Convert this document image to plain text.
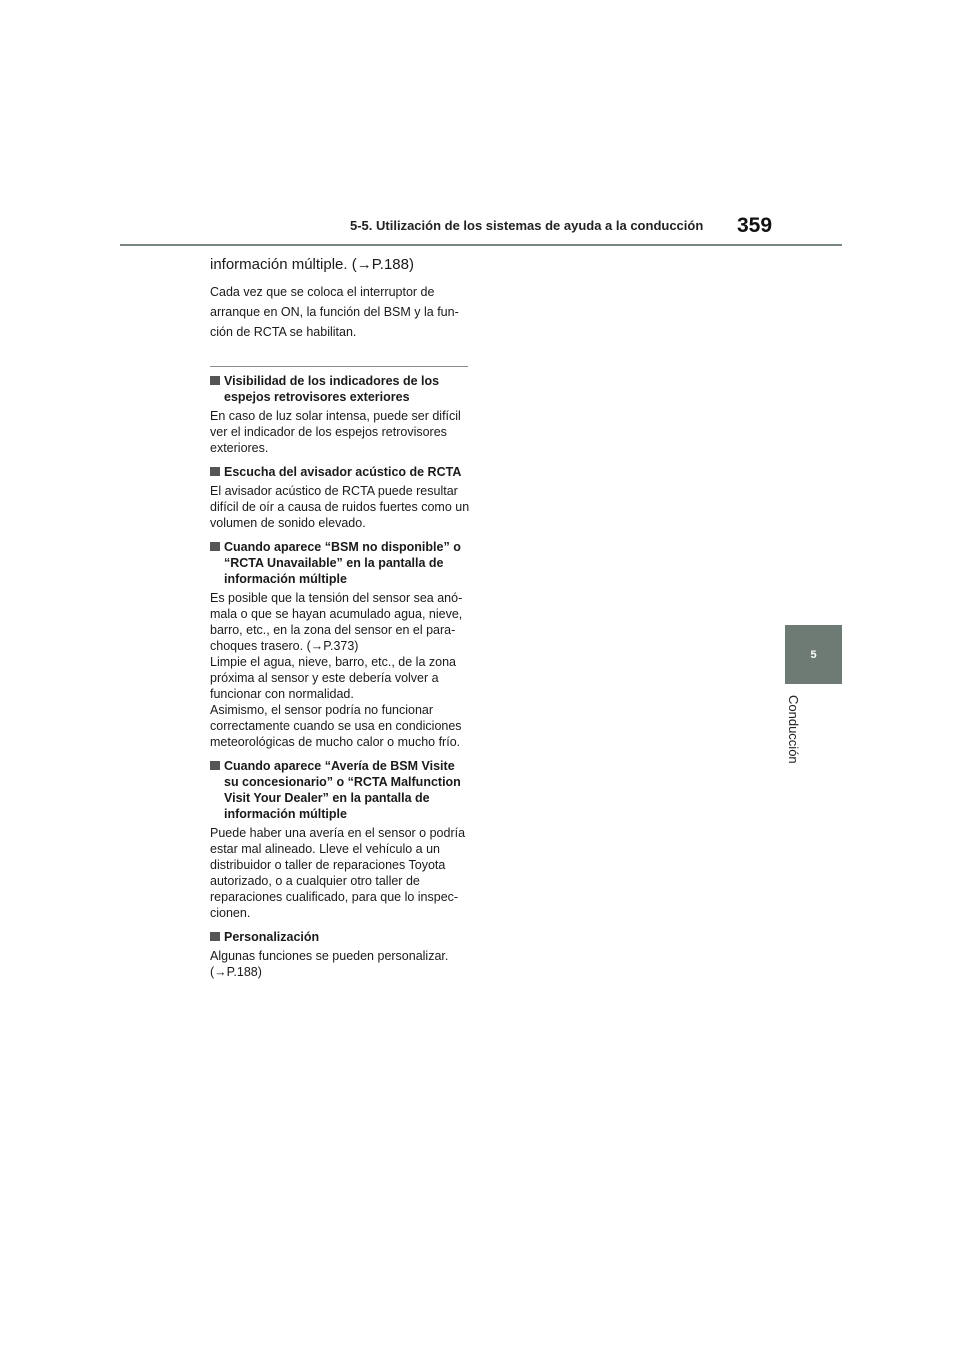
5-5. Utilización de los sistemas de ayuda a la conducción 359
5
Conducción

información múltiple. (→P.188)

Cada vez que se coloca el interruptor de

arranque en ON, la función del BSM y la fun-

ción de RCTA se habilitan.

Visibilidad de los indicadores de los espejos retrovisores exteriores

En caso de luz solar intensa, puede ser difícil ver el indicador de los espejos retrovisores exteriores.

Escucha del avisador acústico de RCTA

El avisador acústico de RCTA puede resultar difícil de oír a causa de ruidos fuertes como un volumen de sonido elevado.

Cuando aparece “BSM no disponible” o “RCTA Unavailable” en la pantalla de información múltiple

Es posible que la tensión del sensor sea anó-mala o que se hayan acumulado agua, nieve, barro, etc., en la zona del sensor en el para-choques trasero. (→P.373)

Limpie el agua, nieve, barro, etc., de la zona próxima al sensor y este debería volver a funcionar con normalidad.

Asimismo, el sensor podría no funcionar correctamente cuando se usa en condiciones meteorológicas de mucho calor o mucho frío.

Cuando aparece “Avería de BSM Visite su concesionario” o “RCTA Malfunction Visit Your Dealer” en la pantalla de información múltiple

Puede haber una avería en el sensor o podría estar mal alineado. Lleve el vehículo a un distribuidor o taller de reparaciones Toyota autorizado, o a cualquier otro taller de reparaciones cualificado, para que lo inspec-cionen.

Personalización

Algunas funciones se pueden personalizar. (→P.188)
